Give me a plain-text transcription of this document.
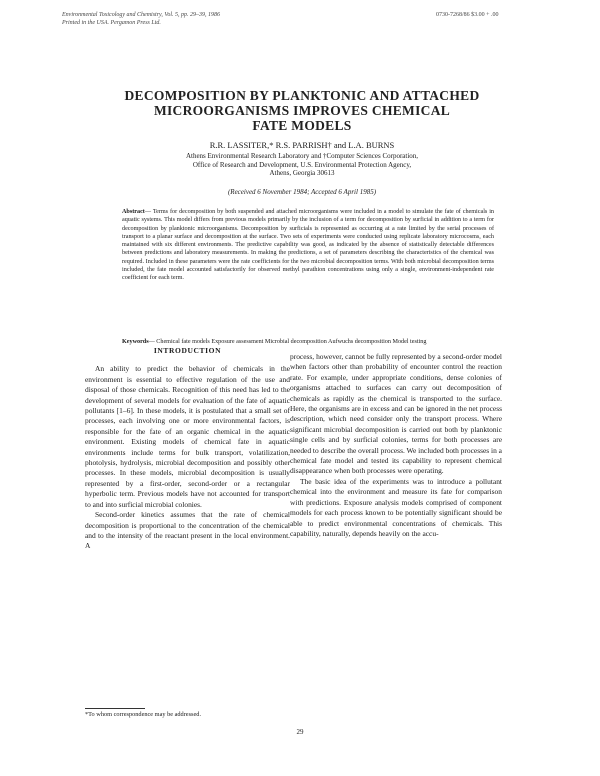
Environmental Toxicology and Chemistry, Vol. 5, pp. 29–39, 1986
Printed in the USA. Pergamon Press Ltd.
0730-7268/86 $3.00 + .00
DECOMPOSITION BY PLANKTONIC AND ATTACHED
MICROORGANISMS IMPROVES CHEMICAL
FATE MODELS
R.R. LASSITER,* R.S. PARRISH† and L.A. BURNS
Athens Environmental Research Laboratory and †Computer Sciences Corporation,
Office of Research and Development, U.S. Environmental Protection Agency,
Athens, Georgia 30613
(Received 6 November 1984; Accepted 6 April 1985)
Abstract— Terms for decomposition by both suspended and attached microorganisms were included in a model to simulate the fate of chemicals in aquatic systems. This model differs from previous models primarily by the inclusion of a term for decomposition by surficial in addition to a term for decomposition by planktonic microorganisms. Decomposition by surficials is represented as occurring at a rate limited by the serial processes of transport to a planar surface and decomposition at the surface. Two sets of experiments were conducted using replicate laboratory microcosms, each maintained with six different environments. The predictive capability was good, as indicated by the absence of statistically detectable differences between predictions and laboratory measurements. In making the predictions, a set of parameters describing the characteristics of the chemical was required. Included in these parameters were the rate coefficients for the two microbial decomposition terms. With both microbial decomposition terms included, the fate model accounted satisfactorily for observed methyl parathion concentrations using only a single, environment-independent rate coefficient for each term.
Keywords— Chemical fate models Exposure assessment Microbial decomposition Aufwuchs decomposition Model testing
INTRODUCTION

An ability to predict the behavior of chemicals in the environment is essential to effective regulation of the use and disposal of those chemicals. Recognition of this need has led to the development of several models for evaluation of the fate of aquatic pollutants [1–6]. In these models, it is postulated that a small set of processes, each involving one or more environmental factors, is responsible for the fate of an organic chemical in the aquatic environment. Existing models of chemical fate in aquatic environments include terms for bulk transport, volatilization, photolysis, hydrolysis, microbial decomposition and possibly other processes. In these models, microbial decomposition is usually represented by a first-order, second-order or a rectangular hyperbolic term. Previous models have not accounted for transport to and into surficial microbial colonies.

Second-order kinetics assumes that the rate of chemical decomposition is proportional to the concentration of the chemical and to the intensity of the reactant present in the local environment. A

process, however, cannot be fully represented by a second-order model when factors other than probability of encounter control the reaction rate. For example, under appropriate conditions, dense colonies of organisms attached to surfaces can carry out decomposition of chemicals as rapidly as the chemical is transported to the surface. Here, the organisms are in excess and can be ignored in the net process description, which need consider only the transport process. Where significant microbial decomposition is carried out both by planktonic single cells and by surficial colonies, terms for both processes are needed to describe the overall process. We included both processes in a chemical fate model and tested its capability to represent chemical disappearance when both processes were operating.

The basic idea of the experiments was to introduce a pollutant chemical into the environment and measure its fate for comparison with predictions. Exposure analysis models comprised of component models for each process known to be potentially significant should be able to predict environmental concentrations of chemicals. This capability, naturally, depends heavily on the accu-

*To whom correspondence may be addressed.
29
